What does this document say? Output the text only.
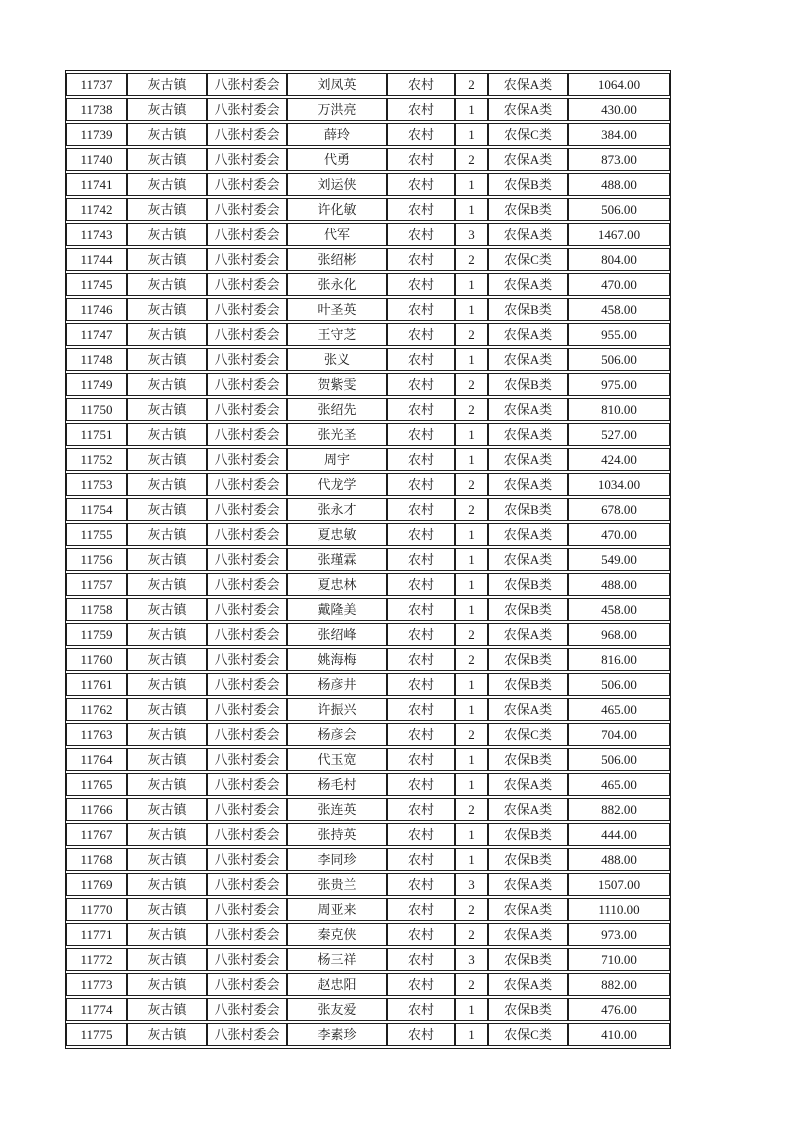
11737	灰古镇	八张村委会	刘凤英	农村	2	农保A类	1064.00
11738	灰古镇	八张村委会	万洪亮	农村	1	农保A类	430.00
11739	灰古镇	八张村委会	薛玲	农村	1	农保C类	384.00
11740	灰古镇	八张村委会	代勇	农村	2	农保A类	873.00
11741	灰古镇	八张村委会	刘运侠	农村	1	农保B类	488.00
11742	灰古镇	八张村委会	许化敏	农村	1	农保B类	506.00
11743	灰古镇	八张村委会	代军	农村	3	农保A类	1467.00
11744	灰古镇	八张村委会	张绍彬	农村	2	农保C类	804.00
11745	灰古镇	八张村委会	张永化	农村	1	农保A类	470.00
11746	灰古镇	八张村委会	叶圣英	农村	1	农保B类	458.00
11747	灰古镇	八张村委会	王守芝	农村	2	农保A类	955.00
11748	灰古镇	八张村委会	张义	农村	1	农保A类	506.00
11749	灰古镇	八张村委会	贺紫雯	农村	2	农保B类	975.00
11750	灰古镇	八张村委会	张绍先	农村	2	农保A类	810.00
11751	灰古镇	八张村委会	张光圣	农村	1	农保A类	527.00
11752	灰古镇	八张村委会	周宇	农村	1	农保A类	424.00
11753	灰古镇	八张村委会	代龙学	农村	2	农保A类	1034.00
11754	灰古镇	八张村委会	张永才	农村	2	农保B类	678.00
11755	灰古镇	八张村委会	夏忠敏	农村	1	农保A类	470.00
11756	灰古镇	八张村委会	张瑾霖	农村	1	农保A类	549.00
11757	灰古镇	八张村委会	夏忠林	农村	1	农保B类	488.00
11758	灰古镇	八张村委会	戴隆美	农村	1	农保B类	458.00
11759	灰古镇	八张村委会	张绍峰	农村	2	农保A类	968.00
11760	灰古镇	八张村委会	姚海梅	农村	2	农保B类	816.00
11761	灰古镇	八张村委会	杨彦井	农村	1	农保B类	506.00
11762	灰古镇	八张村委会	许振兴	农村	1	农保A类	465.00
11763	灰古镇	八张村委会	杨彦会	农村	2	农保C类	704.00
11764	灰古镇	八张村委会	代玉宽	农村	1	农保B类	506.00
11765	灰古镇	八张村委会	杨毛村	农村	1	农保A类	465.00
11766	灰古镇	八张村委会	张连英	农村	2	农保A类	882.00
11767	灰古镇	八张村委会	张持英	农村	1	农保B类	444.00
11768	灰古镇	八张村委会	李同珍	农村	1	农保B类	488.00
11769	灰古镇	八张村委会	张贵兰	农村	3	农保A类	1507.00
11770	灰古镇	八张村委会	周亚来	农村	2	农保A类	1110.00
11771	灰古镇	八张村委会	秦克侠	农村	2	农保A类	973.00
11772	灰古镇	八张村委会	杨三祥	农村	3	农保B类	710.00
11773	灰古镇	八张村委会	赵忠阳	农村	2	农保A类	882.00
11774	灰古镇	八张村委会	张友爱	农村	1	农保B类	476.00
11775	灰古镇	八张村委会	李素珍	农村	1	农保C类	410.00
